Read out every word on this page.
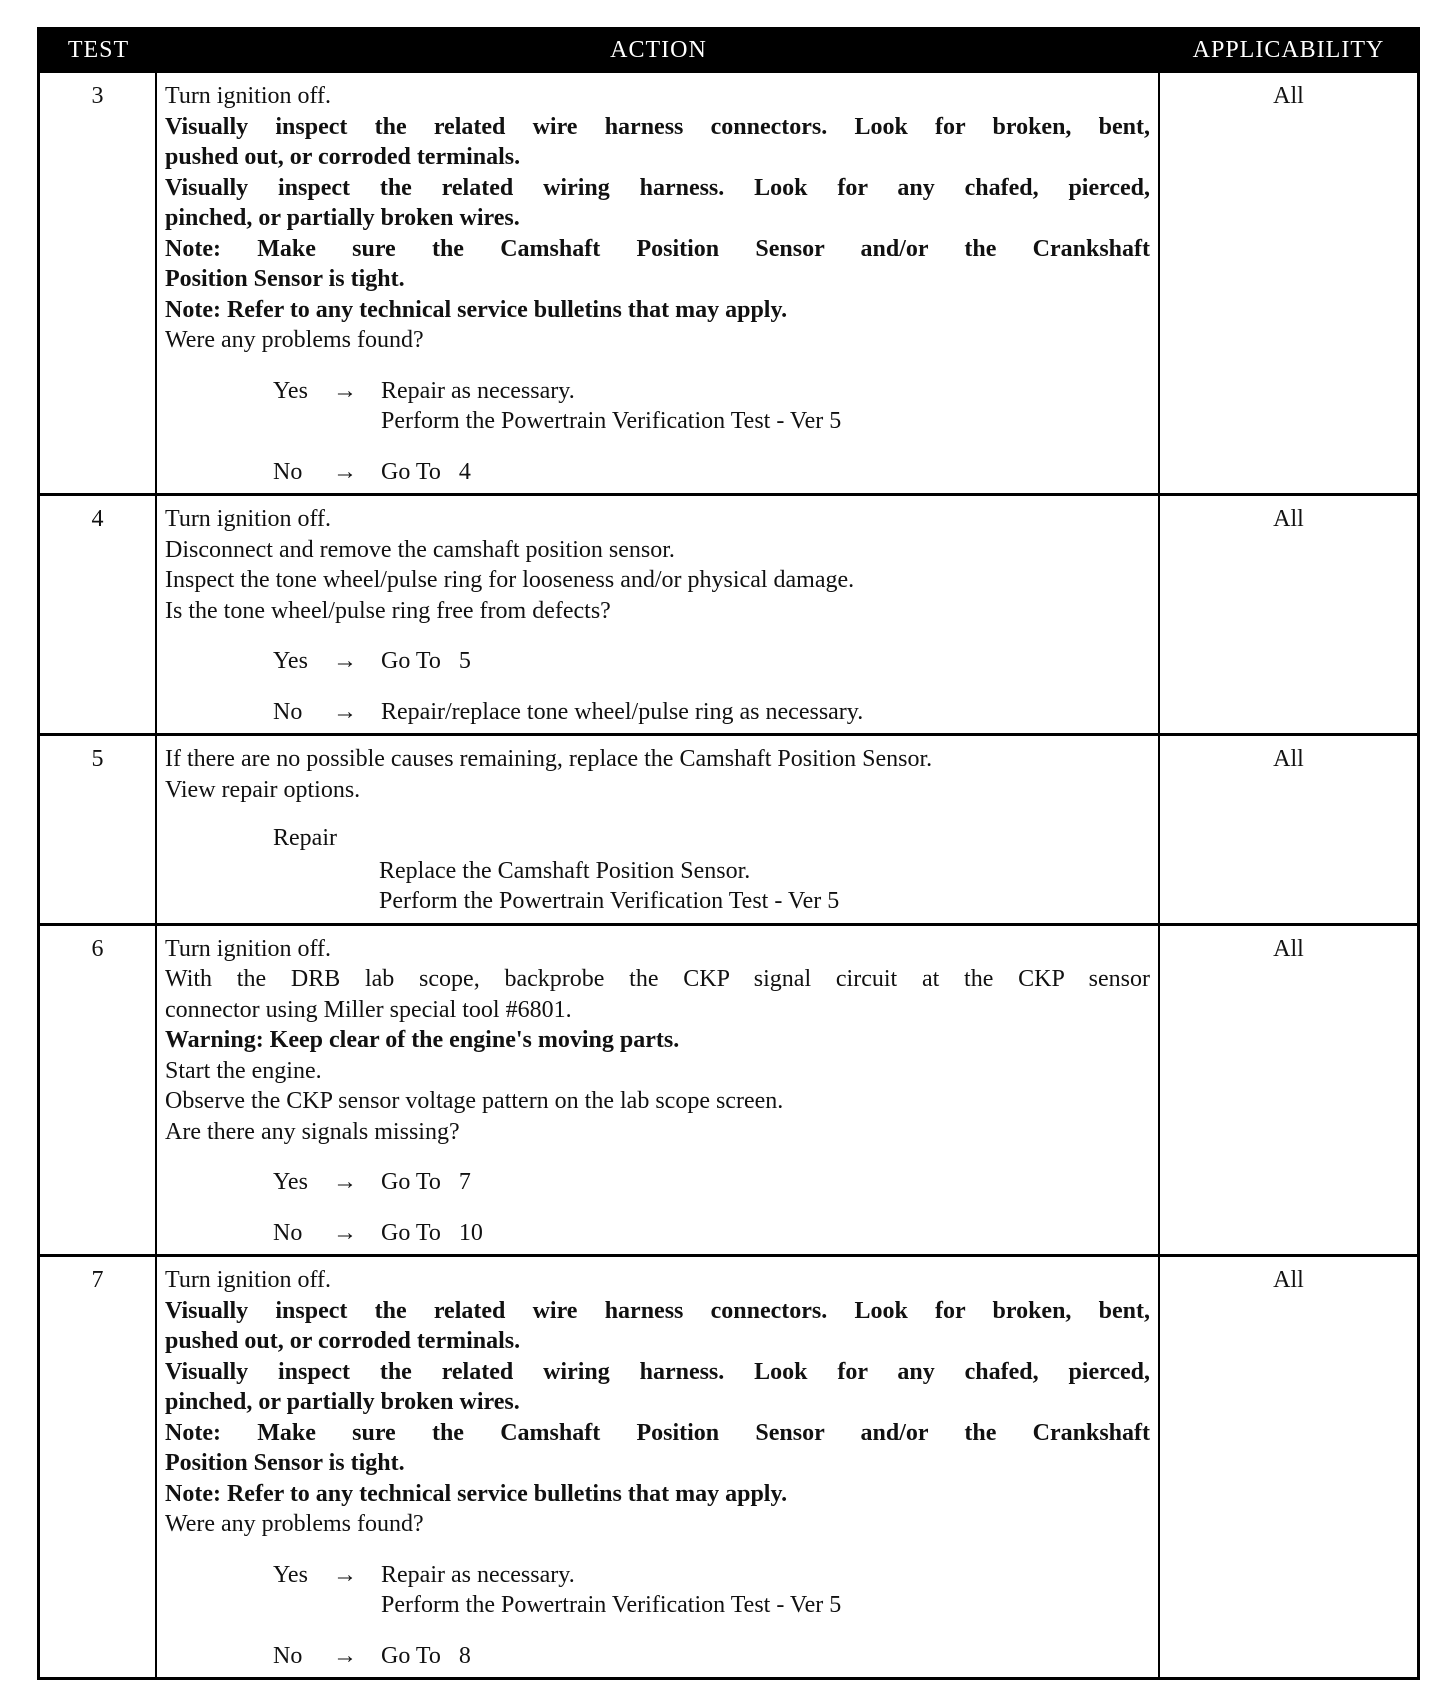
TEST	ACTION	APPLICABILITY
3	Turn ignition off.
Visually inspect the related wire harness connectors. Look for broken, bent,
pushed out, or corroded terminals.
Visually inspect the related wiring harness. Look for any chafed, pierced,
pinched, or partially broken wires.
Note: Make sure the Camshaft Position Sensor and/or the Crankshaft
Position Sensor is tight.
Note: Refer to any technical service bulletins that may apply.
Were any problems found?
Yes	→	Repair as necessary.
Perform the Powertrain Verification Test - Ver 5
No	→	Go To   4
All
4	Turn ignition off.
Disconnect and remove the camshaft position sensor.
Inspect the tone wheel/pulse ring for looseness and/or physical damage.
Is the tone wheel/pulse ring free from defects?
Yes	→	Go To   5
No	→	Repair/replace tone wheel/pulse ring as necessary.
All
5	If there are no possible causes remaining, replace the Camshaft Position Sensor.
View repair options.
Repair
Replace the Camshaft Position Sensor.
Perform the Powertrain Verification Test - Ver 5
All
6	Turn ignition off.
With the DRB lab scope, backprobe the CKP signal circuit at the CKP sensor
connector using Miller special tool #6801.
Warning: Keep clear of the engine's moving parts.
Start the engine.
Observe the CKP sensor voltage pattern on the lab scope screen.
Are there any signals missing?
Yes	→	Go To   7
No	→	Go To   10
All
7	Turn ignition off.
Visually inspect the related wire harness connectors. Look for broken, bent,
pushed out, or corroded terminals.
Visually inspect the related wiring harness. Look for any chafed, pierced,
pinched, or partially broken wires.
Note: Make sure the Camshaft Position Sensor and/or the Crankshaft
Position Sensor is tight.
Note: Refer to any technical service bulletins that may apply.
Were any problems found?
Yes	→	Repair as necessary.
Perform the Powertrain Verification Test - Ver 5
No	→	Go To   8
All
